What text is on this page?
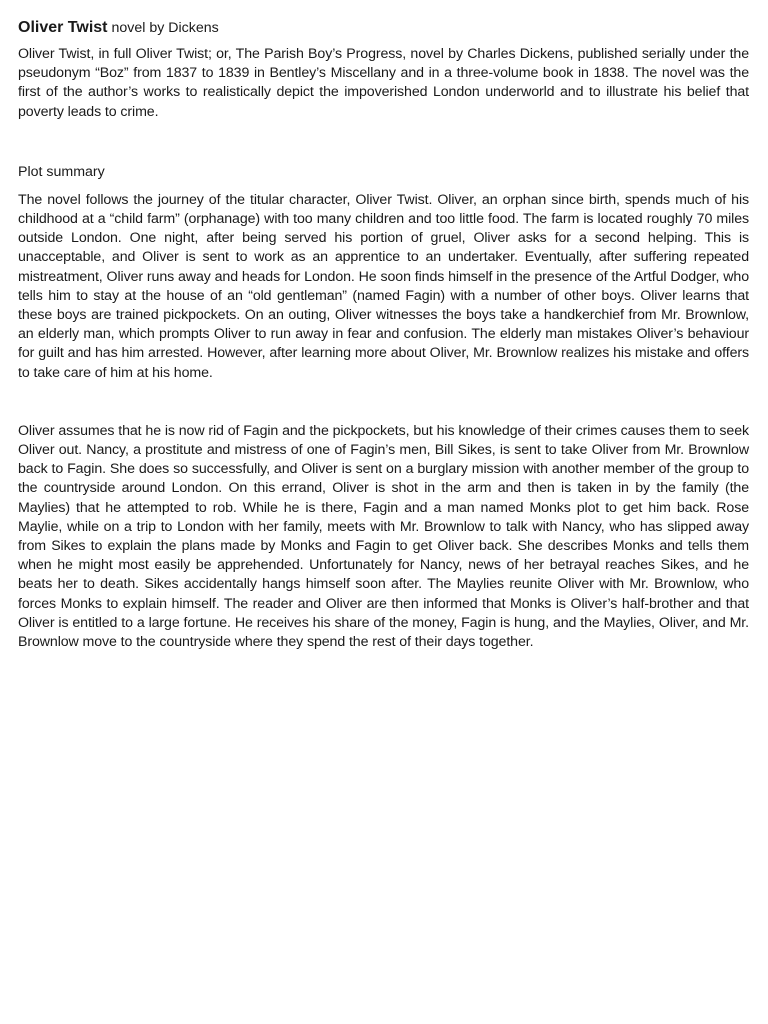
Oliver Twist novel by Dickens

Oliver Twist, in full Oliver Twist; or, The Parish Boy’s Progress, novel by Charles Dickens, published serially under the pseudonym “Boz” from 1837 to 1839 in Bentley’s Miscellany and in a three-volume book in 1838. The novel was the first of the author’s works to realistically depict the impoverished London underworld and to illustrate his belief that poverty leads to crime.

Plot summary

The novel follows the journey of the titular character, Oliver Twist. Oliver, an orphan since birth, spends much of his childhood at a “child farm” (orphanage) with too many children and too little food. The farm is located roughly 70 miles outside London. One night, after being served his portion of gruel, Oliver asks for a second helping. This is unacceptable, and Oliver is sent to work as an apprentice to an undertaker. Eventually, after suffering repeated mistreatment, Oliver runs away and heads for London. He soon finds himself in the presence of the Artful Dodger, who tells him to stay at the house of an “old gentleman” (named Fagin) with a number of other boys. Oliver learns that these boys are trained pickpockets. On an outing, Oliver witnesses the boys take a handkerchief from Mr. Brownlow, an elderly man, which prompts Oliver to run away in fear and confusion. The elderly man mistakes Oliver’s behaviour for guilt and has him arrested. However, after learning more about Oliver, Mr. Brownlow realizes his mistake and offers to take care of him at his home.

Oliver assumes that he is now rid of Fagin and the pickpockets, but his knowledge of their crimes causes them to seek Oliver out. Nancy, a prostitute and mistress of one of Fagin’s men, Bill Sikes, is sent to take Oliver from Mr. Brownlow back to Fagin. She does so successfully, and Oliver is sent on a burglary mission with another member of the group to the countryside around London. On this errand, Oliver is shot in the arm and then is taken in by the family (the Maylies) that he attempted to rob. While he is there, Fagin and a man named Monks plot to get him back. Rose Maylie, while on a trip to London with her family, meets with Mr. Brownlow to talk with Nancy, who has slipped away from Sikes to explain the plans made by Monks and Fagin to get Oliver back. She describes Monks and tells them when he might most easily be apprehended. Unfortunately for Nancy, news of her betrayal reaches Sikes, and he beats her to death. Sikes accidentally hangs himself soon after. The Maylies reunite Oliver with Mr. Brownlow, who forces Monks to explain himself. The reader and Oliver are then informed that Monks is Oliver’s half-brother and that Oliver is entitled to a large fortune. He receives his share of the money, Fagin is hung, and the Maylies, Oliver, and Mr. Brownlow move to the countryside where they spend the rest of their days together.
